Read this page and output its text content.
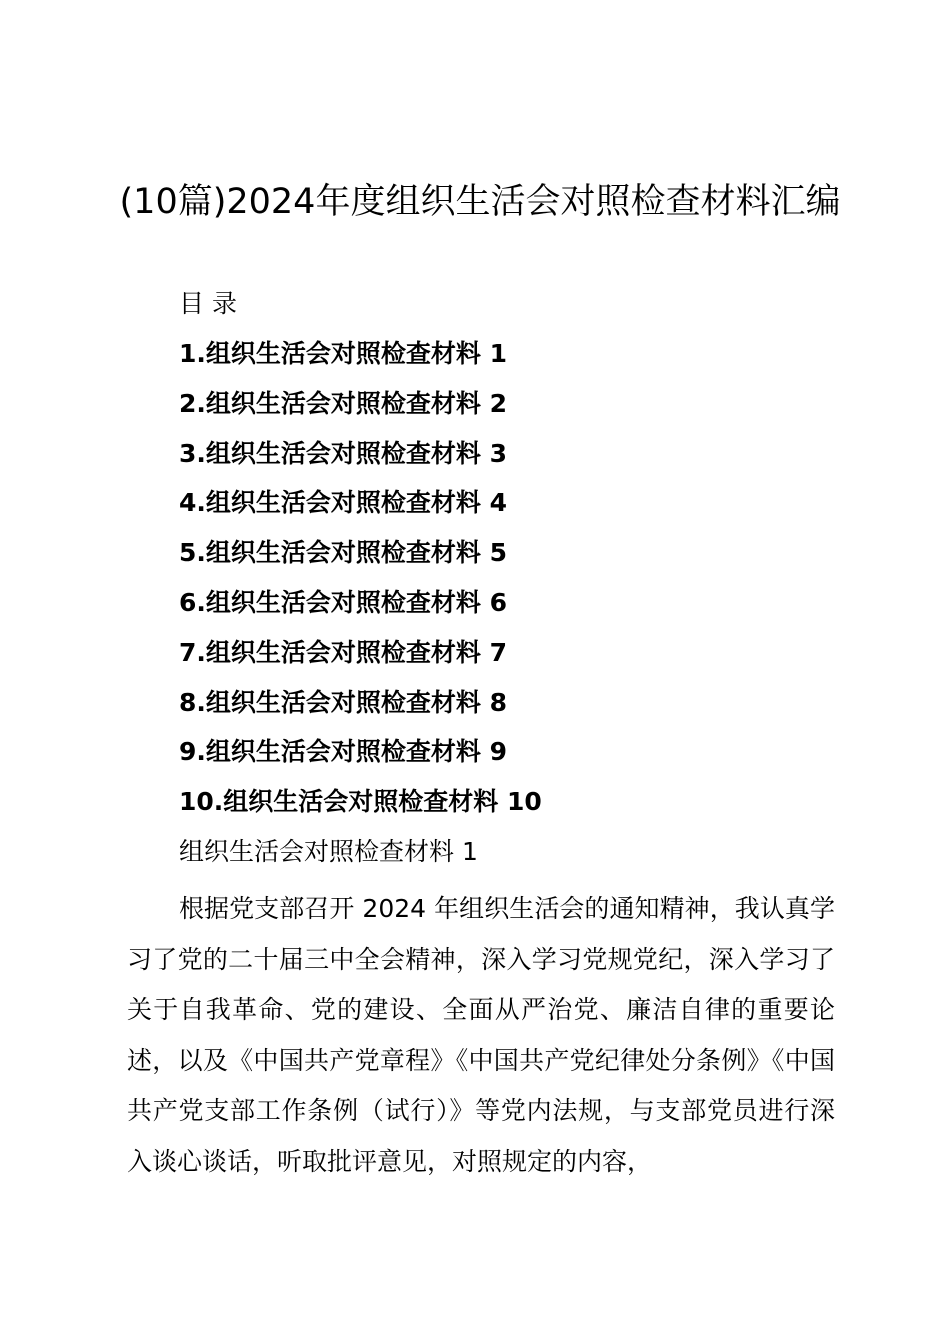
(10篇)2024年度组织生活会对照检查材料汇编

目 录

1.组织生活会对照检查材料 1
2.组织生活会对照检查材料 2
3.组织生活会对照检查材料 3
4.组织生活会对照检查材料 4
5.组织生活会对照检查材料 5
6.组织生活会对照检查材料 6
7.组织生活会对照检查材料 7
8.组织生活会对照检查材料 8
9.组织生活会对照检查材料 9
10.组织生活会对照检查材料 10

组织生活会对照检查材料 1

根据党支部召开 2024 年组织生活会的通知精神，我认真学习了党的二十届三中全会精神，深入学习党规党纪，深入学习了关于自我革命、党的建设、全面从严治党、廉洁自律的重要论述，以及《中国共产党章程》《中国共产党纪律处分条例》《中国共产党支部工作条例（试行）》等党内法规，与支部党员进行深入谈心谈话，听取批评意见，对照规定的内容，
